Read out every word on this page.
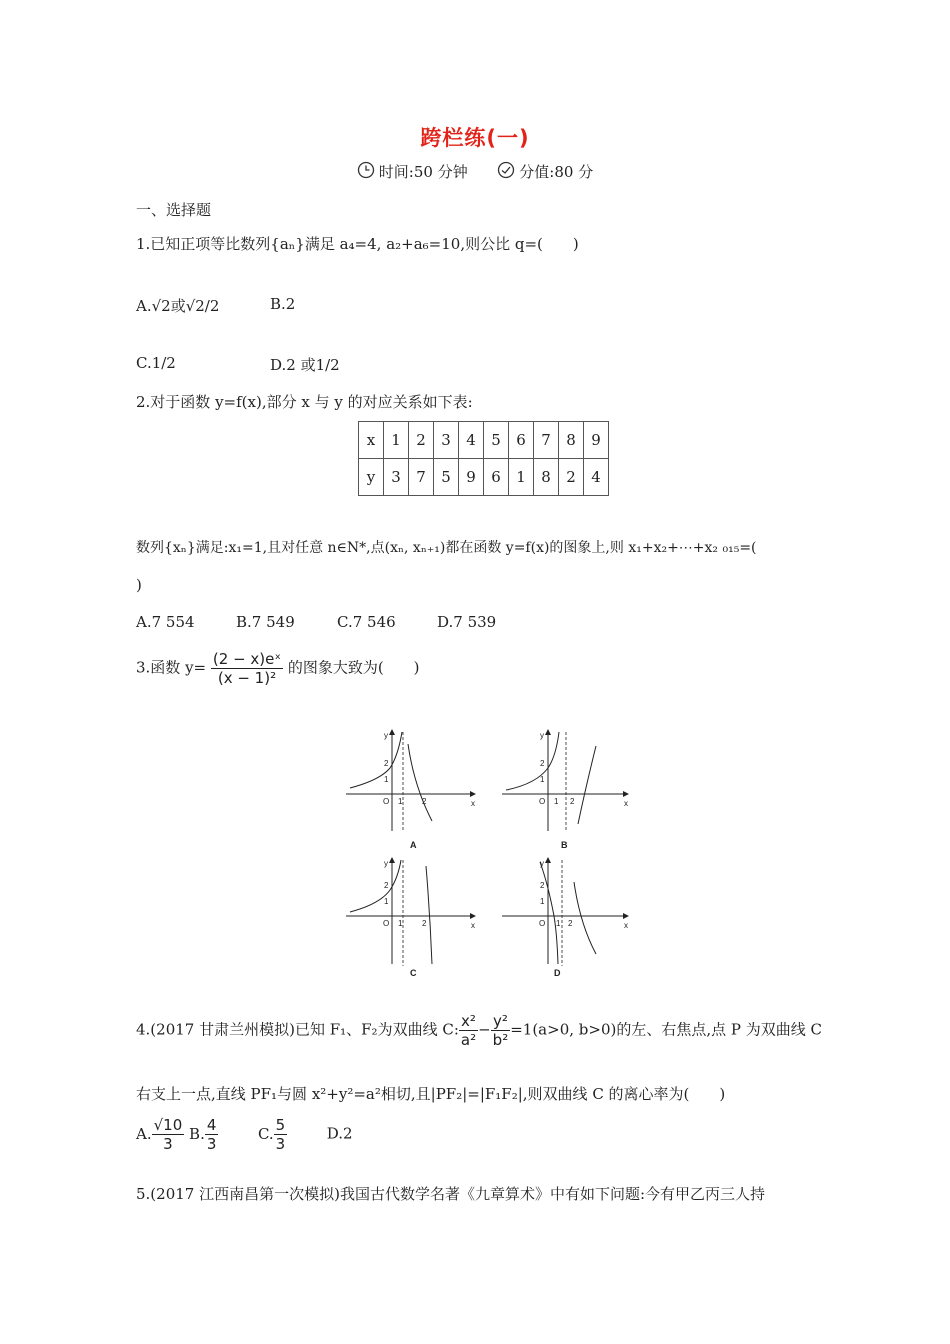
跨栏练(一)
时间:50 分钟	分值:80 分
一、选择题
1.已知正项等比数列{aₙ}满足 a₄=4, a₂+a₆=10,则公比 q=(　　)
A.√2或√2/2	B.2
C.1/2	D.2 或1/2
2.对于函数 y=f(x),部分 x 与 y 的对应关系如下表:
x	1	2	3	4	5	6	7	8	9
y	3	7	5	9	6	1	8	2	4
数列{xₙ}满足:x₁=1,且对任意 n∈N*,点(xₙ, xₙ₊₁)都在函数 y=f(x)的图象上,则 x₁+x₂+⋯+x₂ ₀₁₅=(
)
A.7 554	B.7 549	C.7 546	D.7 539
3.函数 $y= \frac{\text{(2 − x)eˣ}}{\text{(x − 1)²}}$ 的图象大致为(　　)
y
x
O 1 2
2
1
A
y
x
O 1 2
2
1
B
y
x
O 1 2
2
1
C
y
x
O 1 2
2
1
D
4.(2017 甘肃兰州模拟)已知 F₁、F₂为双曲线 C: $\frac{\text{x²}}{\text{a²}} - \frac{\text{y²}}{\text{b²}} =1(a>0$, b>0)的左、右焦点,点 P 为双曲线 C
右支上一点,直线 PF₁与圆 x²+y²=a²相切,且|PF₂|=|F₁F₂|,则双曲线 C 的离心率为(　　)
A. $\frac{√10}{3} B$. $\frac{4}{3}$	C. $\frac{5}{3}$	D.2
5.(2017 江西南昌第一次模拟)我国古代数学名著《九章算术》中有如下问题:今有甲乙丙三人持
